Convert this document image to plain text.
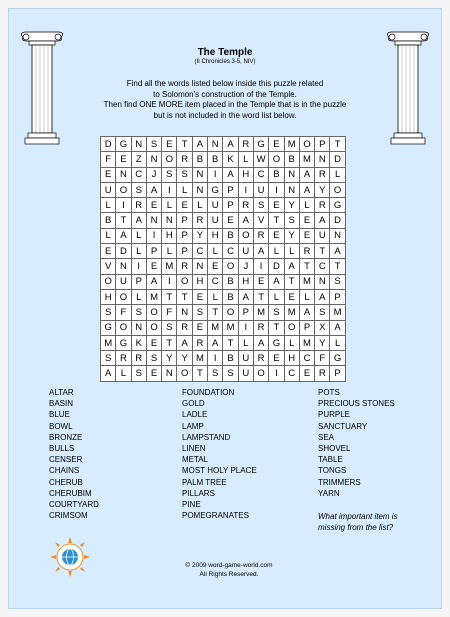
The Temple
(II Chronicles 3-5, NIV)
Find all the words listed below inside this puzzle related
to Solomon's construction of the Temple.
Then find ONE MORE item placed in the Temple that is in the puzzle
but is not included in the word list below.
D	G	N	S	E	T	A	N	A	R	G	E	M	O	P	T
F	E	Z	N	O	R	B	B	K	L	W	O	B	M	N	D
E	N	C	J	S	S	N	I	A	H	C	B	N	A	R	L
U	O	S	A	I	L	N	G	P	I	U	I	N	A	Y	O
L	I	R	E	L	E	L	U	P	R	S	E	Y	L	R	G
B	T	A	N	N	P	R	U	E	A	V	T	S	E	A	D
L	A	L	I	H	P	Y	H	B	O	R	E	Y	E	U	N
E	D	L	P	L	P	C	L	C	U	A	L	L	R	T	A
V	N	I	E	M	R	N	E	O	J	I	D	A	T	C	T
O	U	P	A	I	O	H	C	B	H	E	A	T	M	N	S
H	O	L	M	T	T	E	L	B	A	T	L	E	L	A	P
S	F	S	O	F	N	S	T	O	P	M	S	M	A	S	M
G	O	N	O	S	R	E	M	M	I	R	T	O	P	X	A
M	G	K	E	T	A	R	A	T	L	A	G	L	M	Y	L
S	R	R	S	Y	Y	M	I	B	U	R	E	H	C	F	G
A	L	S	E	N	O	T	S	S	U	O	I	C	E	R	P
ALTAR
BASIN
BLUE
BOWL
BRONZE
BULLS
CENSER
CHAINS
CHERUB
CHERUBIM
COURTYARD
CRIMSOM
FOUNDATION
GOLD
LADLE
LAMP
LAMPSTAND
LINEN
METAL
MOST HOLY PLACE
PALM TREE
PILLARS
PINE
POMEGRANATES
POTS
PRECIOUS STONES
PURPLE
SANCTUARY
SEA
SHOVEL
TABLE
TONGS
TRIMMERS
YARN
What important item is
missing from the list?
© 2009 word-game-world.com
All Rights Reserved.
